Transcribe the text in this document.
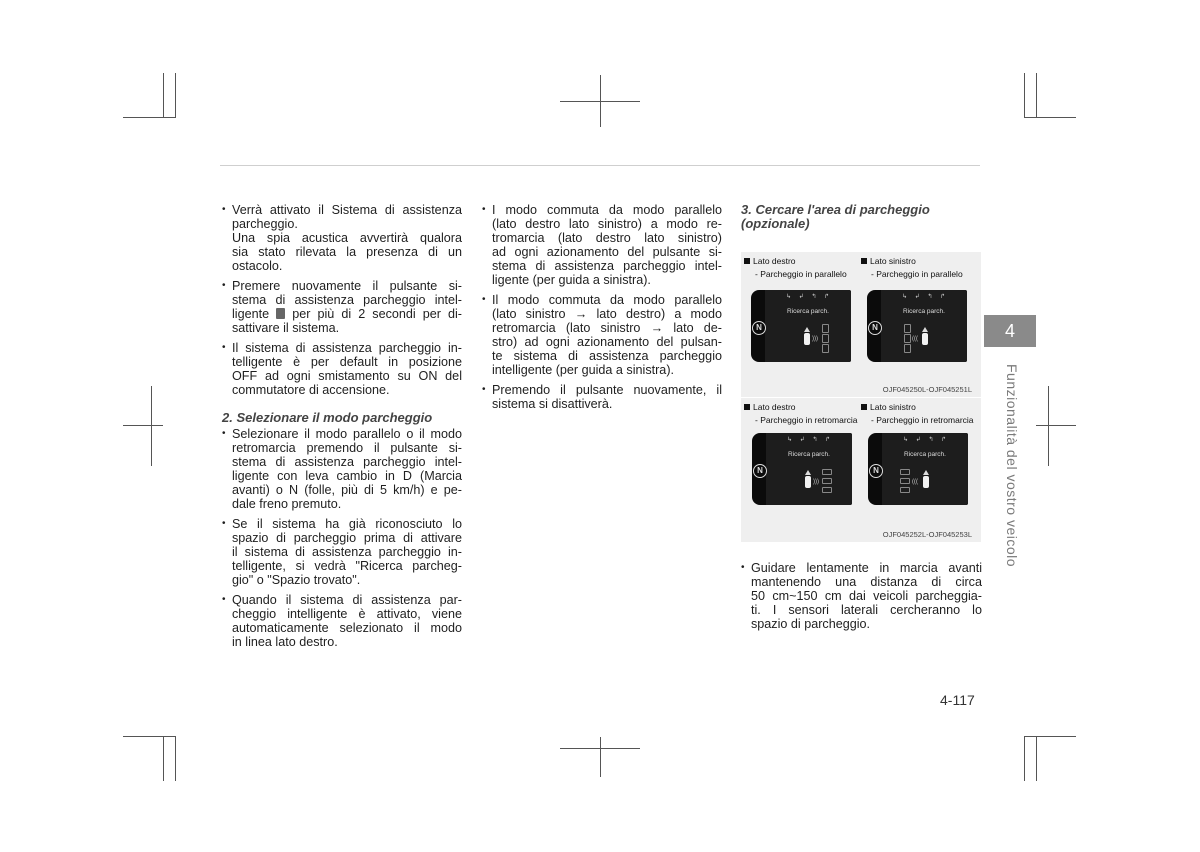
• Verrà attivato il Sistema di assistenza
parcheggio.
Una spia acustica avvertirà qualora
sia stato rilevata la presenza di un
ostacolo.
• Premere nuovamente il pulsante si-
stema di assistenza parcheggio intel-
ligente per più di 2 secondi per di-
sattivare il sistema.
• Il sistema di assistenza parcheggio in-
telligente è per default in posizione
OFF ad ogni smistamento su ON del
commutatore di accensione.
2. Selezionare il modo parcheggio
• Selezionare il modo parallelo o il modo
retromarcia premendo il pulsante si-
stema di assistenza parcheggio intel-
ligente con leva cambio in D (Marcia
avanti) o N (folle, più di 5 km/h) e pe-
dale freno premuto.
• Se il sistema ha già riconosciuto lo
spazio di parcheggio prima di attivare
il sistema di assistenza parcheggio in-
telligente, si vedrà "Ricerca parcheg-
gio" o "Spazio trovato".
• Quando il sistema di assistenza par-
cheggio intelligente è attivato, viene
automaticamente selezionato il modo
in linea lato destro.
• I modo commuta da modo parallelo
(lato destro lato sinistro) a modo re-
tromarcia (lato destro lato sinistro)
ad ogni azionamento del pulsante si-
stema di assistenza parcheggio intel-
ligente (per guida a sinistra).
• Il modo commuta da modo parallelo
(lato sinistro → lato destro) a modo
retromarcia (lato sinistro → lato de-
stro) ad ogni azionamento del pulsan-
te sistema di assistenza parcheggio
intelligente (per guida a sinistra).
• Premendo il pulsante nuovamente, il
sistema si disattiverà.
3. Cercare l'area di parcheggio
(opzionale)
Lato destro
- Parcheggio in parallelo
Lato sinistro
- Parcheggio in parallelo
↳ ↲ ↰ ↱
Ricerca parch.
N
)))
↳ ↲ ↰ ↱
Ricerca parch.
N
(((
OJF045250L-OJF045251L
Lato destro
- Parcheggio in retromarcia
Lato sinistro
- Parcheggio in retromarcia
↳ ↲ ↰ ↱
Ricerca parch.
N
)))
↳ ↲ ↰ ↱
Ricerca parch.
N
(((
OJF045252L-OJF045253L
• Guidare lentamente in marcia avanti
mantenendo una distanza di circa
50 cm~150 cm dai veicoli parcheggia-
ti. I sensori laterali cercheranno lo
spazio di parcheggio.
4
Funzionalità del vostro veicolo
4-117
